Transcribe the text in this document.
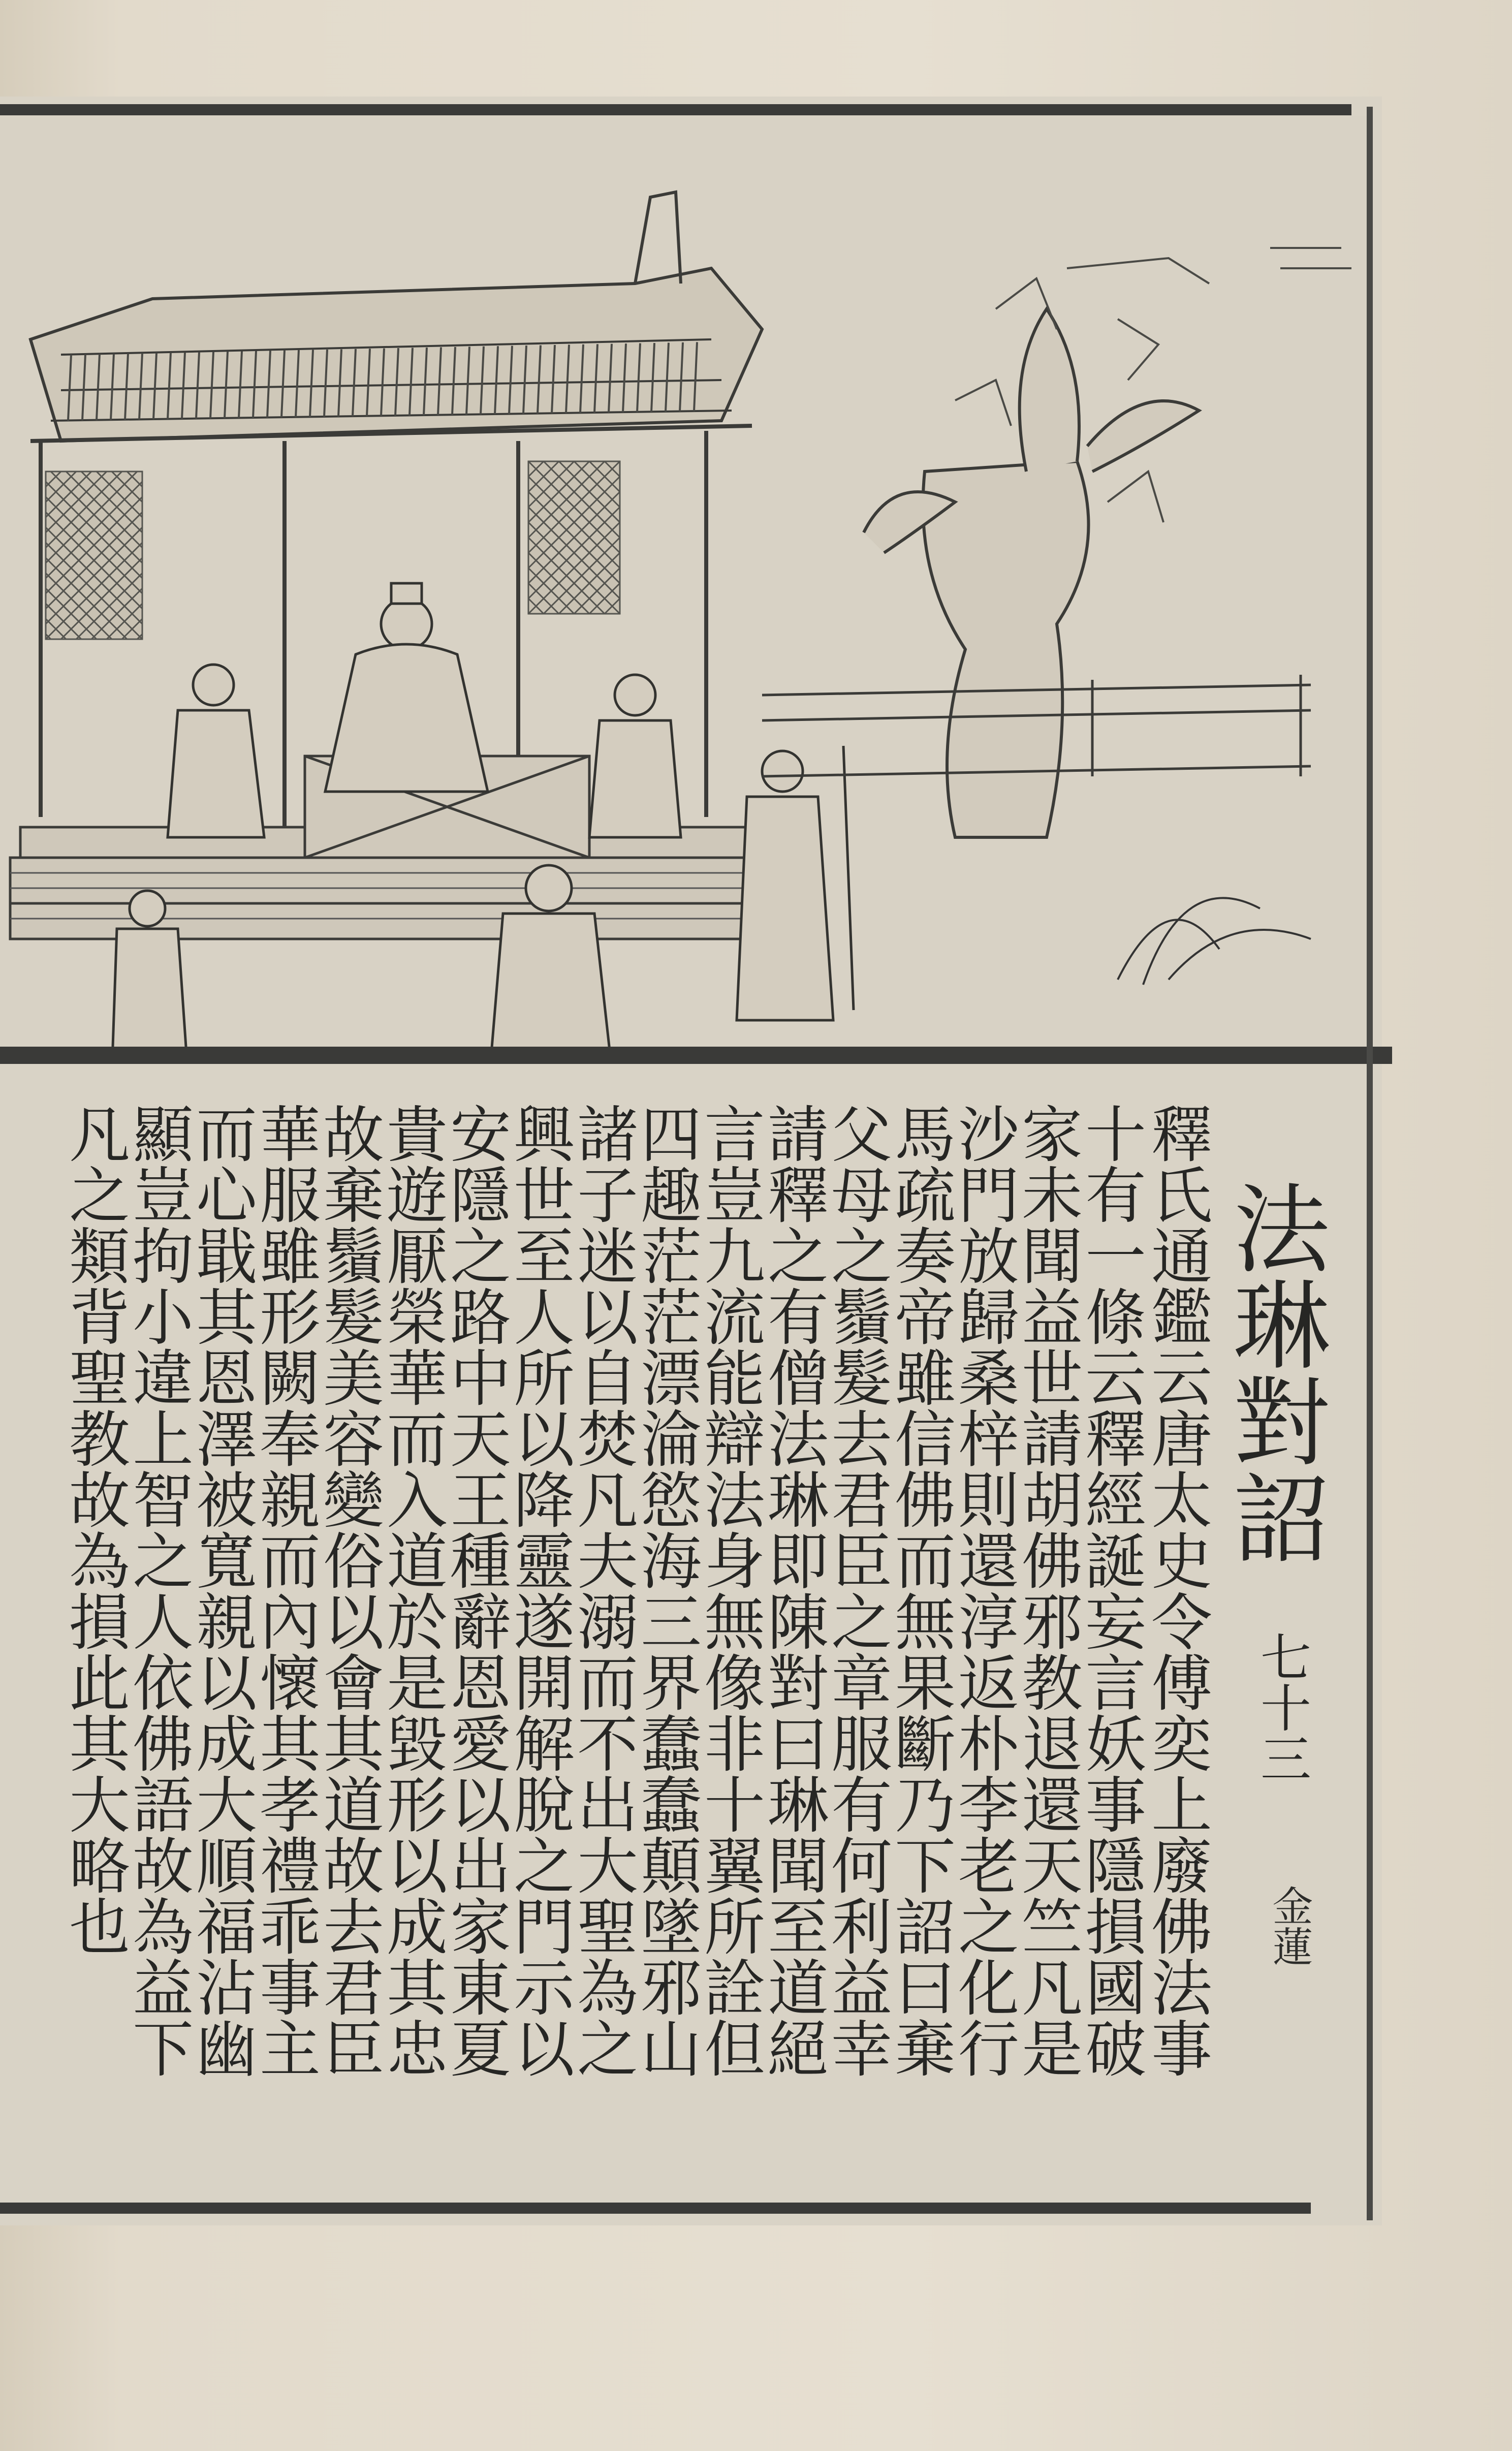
法琳對詔
七十三
金蓮
釋氏通鑑云唐太史令傅奕上廢佛法事
十有一條云釋經誕妄言妖事隱損國破
家未聞益世請胡佛邪教退還天竺凡是
沙門放歸桑梓則還淳返朴李老之化行
馬疏奏帝雖信佛而無果斷乃下詔曰棄
父母之鬚髮去君臣之章服有何利益幸
請釋之有僧法琳即陳對曰琳聞至道絕
言豈九流能辯法身無像非十翼所詮但
四趣茫茫漂淪慾海三界蠢蠢顛墜邪山
諸子迷以自焚凡夫溺而不出大聖為之
興世至人所以降靈遂開解脫之門示以
安隱之路中天王種辭恩愛以出家東夏
貴遊厭榮華而入道於是毀形以成其忠
故棄鬚髮美容變俗以會其道故去君臣
華服雖形闕奉親而內懷其孝禮乖事主
而心戢其恩澤被寬親以成大順福沾幽
顯豈拘小違上智之人依佛語故為益下
凡之類背聖教故為損此其大略也
